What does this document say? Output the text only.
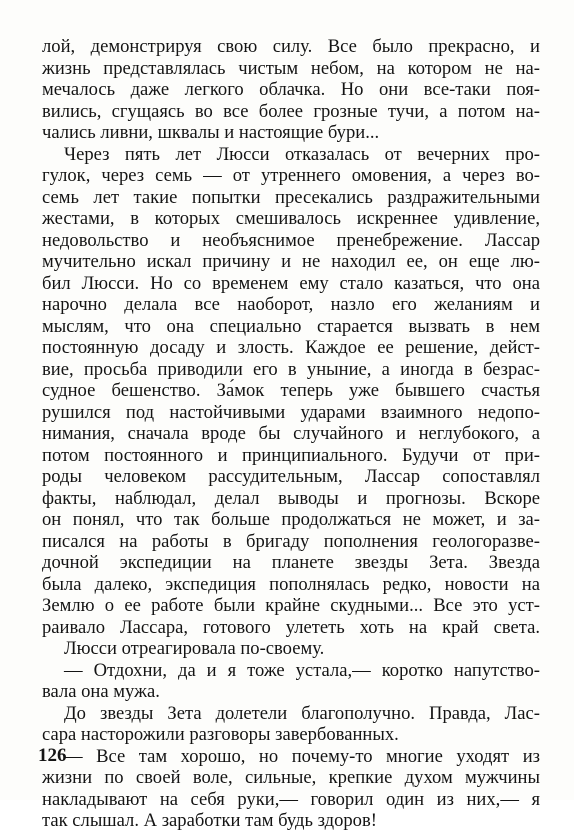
лой, демонстрируя свою силу. Все было прекрасно, и
жизнь представлялась чистым небом, на котором не на-
мечалось даже легкого облачка. Но они все-таки поя-
вились, сгущаясь во все более грозные тучи, а потом на-
чались ливни, шквалы и настоящие бури...
Через пять лет Люсси отказалась от вечерних про-
гулок, через семь — от утреннего омовения, а через во-
семь лет такие попытки пресекались раздражительными
жестами, в которых смешивалось искреннее удивление,
недовольство и необъяснимое пренебрежение. Лассар
мучительно искал причину и не находил ее, он еще лю-
бил Люсси. Но со временем ему стало казаться, что она
нарочно делала все наоборот, назло его желаниям и
мыслям, что она специально старается вызвать в нем
постоянную досаду и злость. Каждое ее решение, дейст-
вие, просьба приводили его в уныние, а иногда в безрас-
судное бешенство. За́мок теперь уже бывшего счастья
рушился под настойчивыми ударами взаимного недопо-
нимания, сначала вроде бы случайного и неглубокого, а
потом постоянного и принципиального. Будучи от при-
роды человеком рассудительным, Лассар сопоставлял
факты, наблюдал, делал выводы и прогнозы. Вскоре
он понял, что так больше продолжаться не может, и за-
писался на работы в бригаду пополнения геологоразве-
дочной экспедиции на планете звезды Зета. Звезда
была далеко, экспедиция пополнялась редко, новости на
Землю о ее работе были крайне скудными... Все это уст-
раивало Лассара, готового улететь хоть на край света.
Люсси отреагировала по-своему.
— Отдохни, да и я тоже устала,— коротко напутство-
вала она мужа.
До звезды Зета долетели благополучно. Правда, Лас-
сара насторожили разговоры завербованных.
— Все там хорошо, но почему-то многие уходят из
жизни по своей воле, сильные, крепкие духом мужчины
накладывают на себя руки,— говорил один из них,— я
так слышал. А заработки там будь здоров!
126
